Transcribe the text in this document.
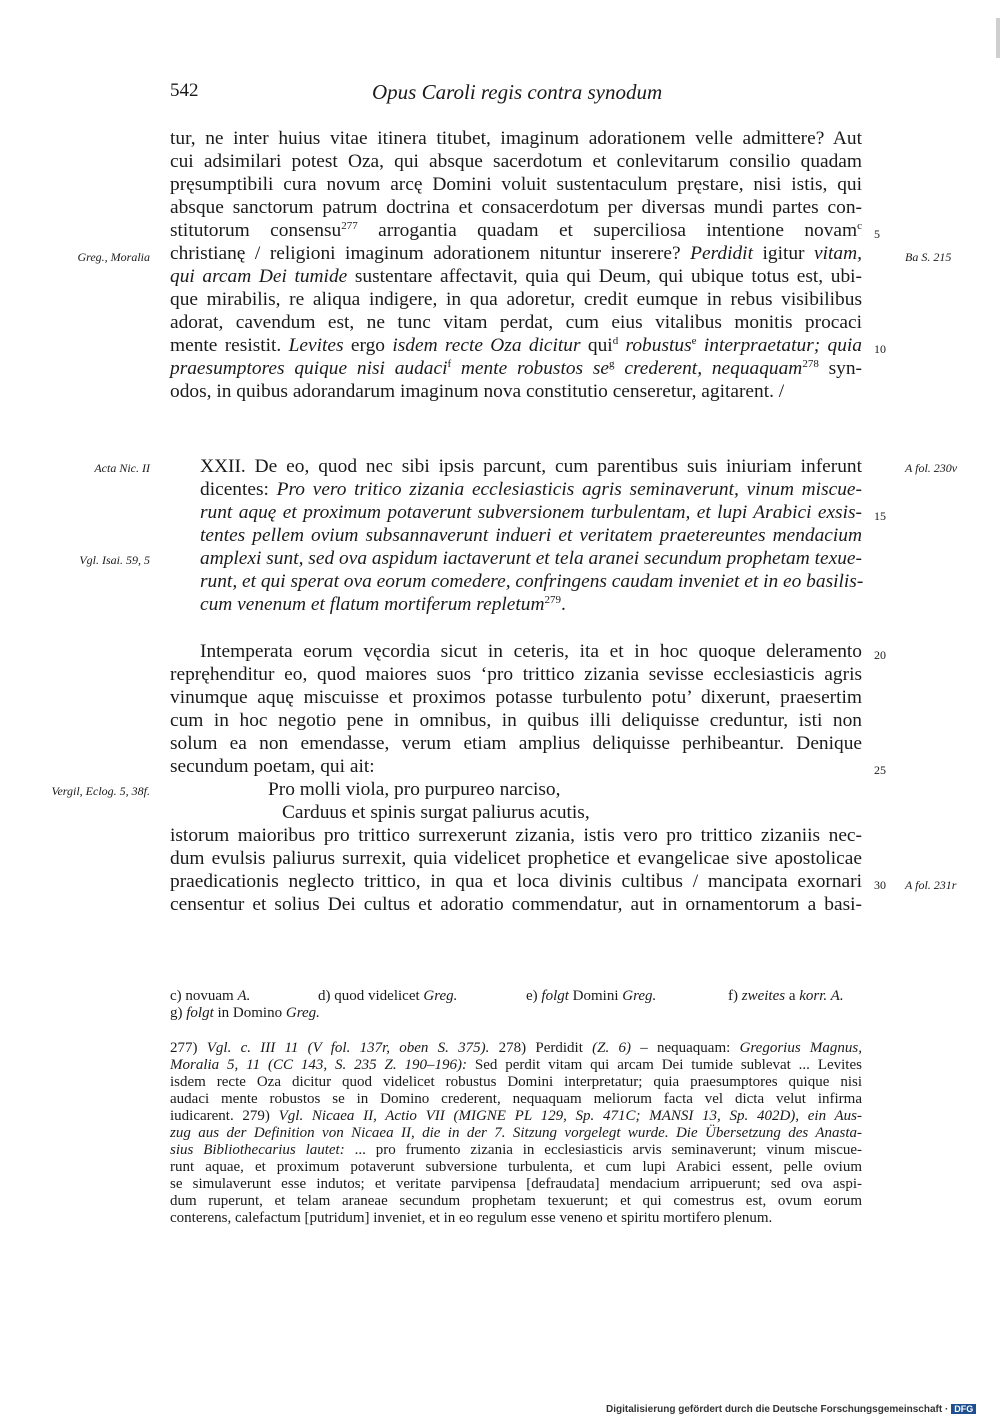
542	Opus Caroli regis contra synodum
tur, ne inter huius vitae itinera titubet, imaginum adorationem velle admittere? Aut
cui adsimilari potest Oza, qui absque sacerdotum et conlevitarum consilio quadam
pręsumptibili cura novum arcę Domini voluit sustentaculum pręstare, nisi istis, qui
absque sanctorum patrum doctrina et consacerdotum per diversas mundi partes con-
stitutorum consensu$^{277}$ arrogantia quadam et superciliosa intentione novam$^c$
christianę / religioni imaginum adorationem nituntur inserere? Perdidit igitur vitam,
qui arcam Dei tumide sustentare affectavit, quia qui Deum, qui ubique totus est, ubi-
que mirabilis, re aliqua indigere, in qua adoretur, credit eumque in rebus visibilibus
adorat, cavendum est, ne tunc vitam perdat, cum eius vitalibus monitis procaci
mente resistit. Levites ergo isdem recte Oza dicitur qui$^d$ robustus$^e$ interpraetatur; quia
praesumptores quique nisi audaci$^f$ mente robustos $se^g$ crederent, nequaquam$^{278}$ syn-
odos, in quibus adorandarum imaginum nova constitutio censeretur, agitarent. /
XXII. De eo, quod nec sibi ipsis parcunt, cum parentibus suis iniuriam inferunt
dicentes: Pro vero tritico zizania ecclesiasticis agris seminaverunt, vinum miscue-
runt aquę et proximum potaverunt subversionem turbulentam, et lupi Arabici exsis-
tentes pellem ovium subsannaverunt indueri et veritatem praetereuntes mendacium
amplexi sunt, sed ova aspidum iactaverunt et tela aranei secundum prophetam texue-
runt, et qui sperat ova eorum comedere, confringens caudam inveniet et in eo basilis-
cum venenum et flatum mortiferum repletum$^{279}$.
Intemperata eorum vęcordia sicut in ceteris, ita et in hoc quoque deleramento
repręhenditur eo, quod maiores suos ‘pro trittico zizania sevisse ecclesiasticis agris
vinumque aquę miscuisse et proximos potasse turbulento potu’ dixerunt, praesertim
cum in hoc negotio pene in omnibus, in quibus illi deliquisse creduntur, isti non
solum ea non emendasse, verum etiam amplius deliquisse perhibeantur. Denique
secundum poetam, qui ait:
Pro molli viola, pro purpureo narciso,
Carduus et spinis surgat paliurus acutis,
istorum maioribus pro trittico surrexerunt zizania, istis vero pro trittico zizaniis nec-
dum evulsis paliurus surrexit, quia videlicet prophetice et evangelicae sive apostolicae
praedicationis neglecto trittico, in qua et loca divinis cultibus / mancipata exornari
censentur et solius Dei cultus et adoratio commendatur, aut in ornamentorum a basi-
Greg., Moralia
Acta Nic. II
Vgl. Isai. 59, 5
Vergil, Eclog. 5, 38f.
Ba S. 215
A fol. 230v
A fol. 231r
5
10
15
20
25
30
c) novuam A.	d) quod videlicet Greg.	e) folgt Domini Greg.	f) zweites a korr. A.
g) folgt in Domino Greg.
277) Vgl. c. III 11 (V fol. 137r, oben S. 375). 278) Perdidit (Z. 6) – nequaquam: Gregorius Magnus,
Moralia 5, 11 (CC 143, S. 235 Z. 190–196): Sed perdit vitam qui arcam Dei tumide sublevat ... Levites
isdem recte Oza dicitur quod videlicet robustus Domini interpretatur; quia praesumptores quique nisi
audaci mente robustos se in Domino crederent, nequaquam meliorum facta vel dicta velut infirma
iudicarent. 279) Vgl. Nicaea II, Actio VII (MIGNE PL 129, Sp. 471C; MANSI 13, Sp. 402D), ein Aus-
zug aus der Definition von Nicaea II, die in der 7. Sitzung vorgelegt wurde. Die Übersetzung des Anasta-
sius Bibliothecarius lautet: ... pro frumento zizania in ecclesiasticis arvis seminaverunt; vinum miscue-
runt aquae, et proximum potaverunt subversione turbulenta, et cum lupi Arabici essent, pelle ovium
se simulaverunt esse indutos; et veritate parvipensa [defraudata] mendacium arripuerunt; sed ova aspi-
dum ruperunt, et telam araneae secundum prophetam texuerunt; et qui comestrus est, ovum eorum
conterens, calefactum [putridum] inveniet, et in eo regulum esse veneno et spiritu mortifero plenum.
Digitalisierung gefördert durch die Deutsche Forschungsgemeinschaft · DFG
